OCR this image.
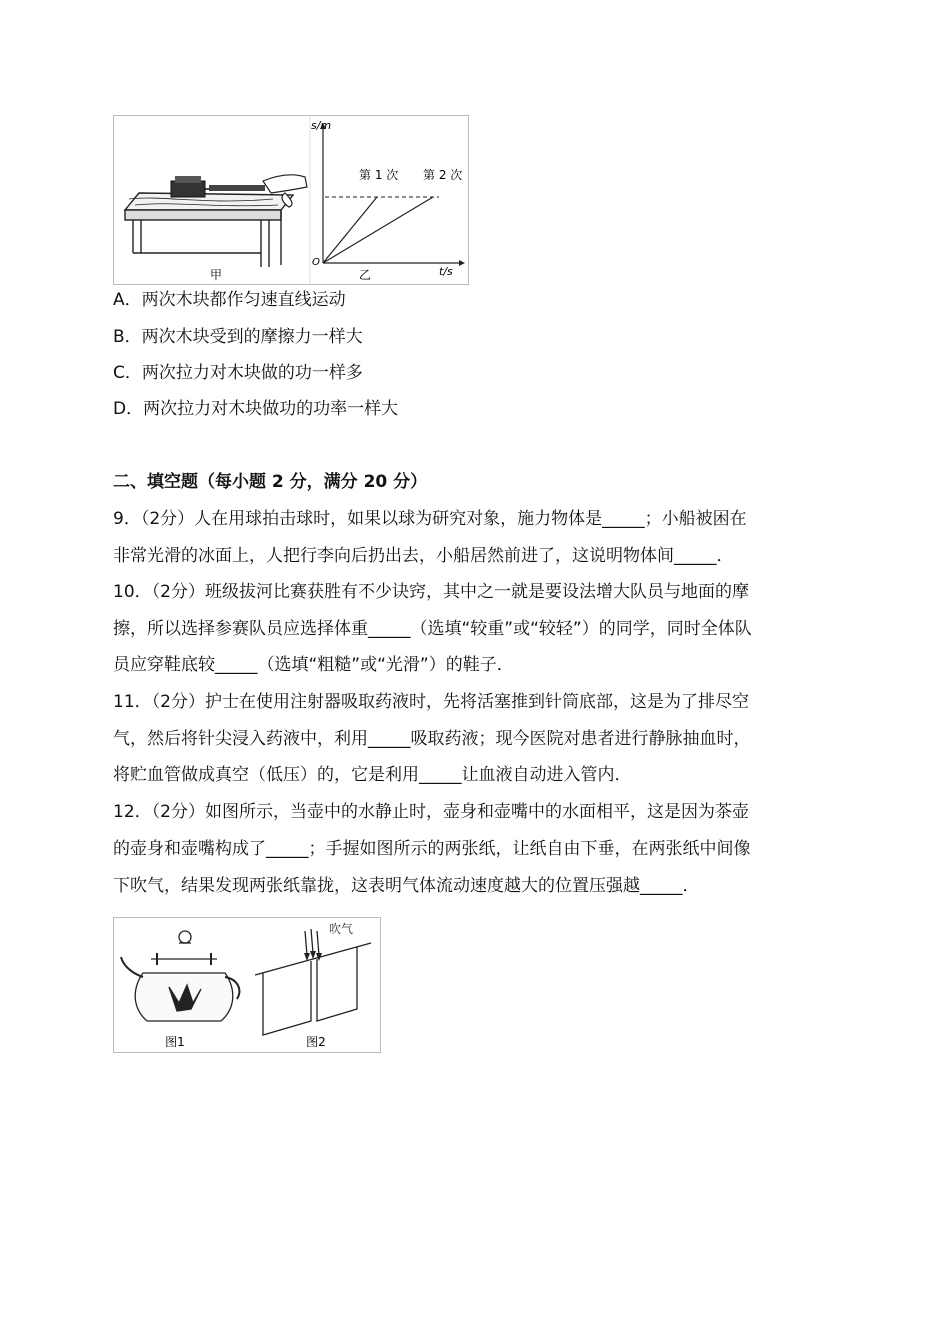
甲
s/m
t/s
O
第 1 次 第 2 次
乙
A．两次木块都作匀速直线运动
B．两次木块受到的摩擦力一样大
C．两次拉力对木块做的功一样多
D．两次拉力对木块做功的功率一样大
二、填空题（每小题 2 分，满分 20 分）
9．（2分）人在用球拍击球时，如果以球为研究对象，施力物体是_____；小船被困在
非常光滑的冰面上，人把行李向后扔出去，小船居然前进了，这说明物体间_____．
10．（2分）班级拔河比赛获胜有不少诀窍，其中之一就是要设法增大队员与地面的摩
擦，所以选择参赛队员应选择体重_____（选填“较重”或“较轻”）的同学，同时全体队
员应穿鞋底较_____（选填“粗糙”或“光滑”）的鞋子．
11．（2分）护士在使用注射器吸取药液时，先将活塞推到针筒底部，这是为了排尽空
气，然后将针尖浸入药液中，利用_____吸取药液；现今医院对患者进行静脉抽血时，
将贮血管做成真空（低压）的，它是利用_____让血液自动进入管内．
12．（2分）如图所示，当壶中的水静止时，壶身和壶嘴中的水面相平，这是因为茶壶
的壶身和壶嘴构成了_____；手握如图所示的两张纸，让纸自由下垂，在两张纸中间像
下吹气，结果发现两张纸靠拢，这表明气体流动速度越大的位置压强越_____．
吹气
图1	图2
